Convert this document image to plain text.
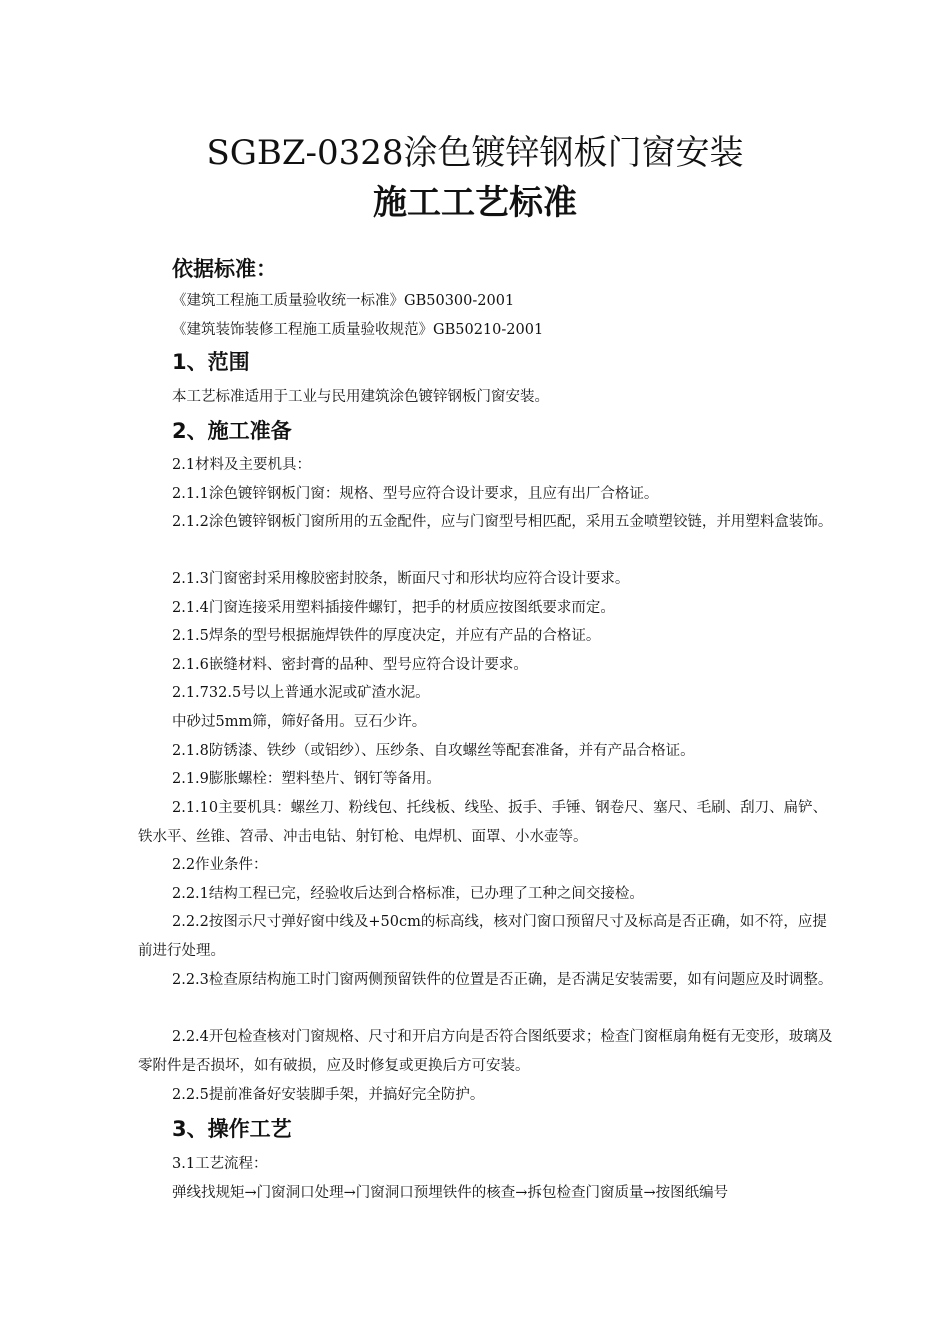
SGBZ-0328涂色镀锌钢板门窗安装
施工工艺标准
依据标准：
《建筑工程施工质量验收统一标准》GB50300-2001
《建筑装饰装修工程施工质量验收规范》GB50210-2001
1、范围
本工艺标准适用于工业与民用建筑涂色镀锌钢板门窗安装。
2、施工准备
2.1材料及主要机具：
2.1.1涂色镀锌钢板门窗：规格、型号应符合设计要求，且应有出厂合格证。
2.1.2涂色镀锌钢板门窗所用的五金配件，应与门窗型号相匹配，采用五金喷塑铰链，并用塑料盒装饰。
2.1.3门窗密封采用橡胶密封胶条，断面尺寸和形状均应符合设计要求。
2.1.4门窗连接采用塑料插接件螺钉，把手的材质应按图纸要求而定。
2.1.5焊条的型号根据施焊铁件的厚度决定，并应有产品的合格证。
2.1.6嵌缝材料、密封膏的品种、型号应符合设计要求。
2.1.732.5号以上普通水泥或矿渣水泥。
中砂过5mm筛，筛好备用。豆石少许。
2.1.8防锈漆、铁纱（或铝纱）、压纱条、自攻螺丝等配套准备，并有产品合格证。
2.1.9膨胀螺栓：塑料垫片、钢钉等备用。
2.1.10主要机具：螺丝刀、粉线包、托线板、线坠、扳手、手锤、钢卷尺、塞尺、毛刷、刮刀、扁铲、铁水平、丝锥、笤帚、冲击电钻、射钉枪、电焊机、面罩、小水壶等。
2.2作业条件：
2.2.1结构工程已完，经验收后达到合格标准，已办理了工种之间交接检。
2.2.2按图示尺寸弹好窗中线及+50cm的标高线，核对门窗口预留尺寸及标高是否正确，如不符，应提前进行处理。
2.2.3检查原结构施工时门窗两侧预留铁件的位置是否正确，是否满足安装需要，如有问题应及时调整。
2.2.4开包检查核对门窗规格、尺寸和开启方向是否符合图纸要求；检查门窗框扇角梃有无变形，玻璃及零附件是否损坏，如有破损，应及时修复或更换后方可安装。
2.2.5提前准备好安装脚手架，并搞好完全防护。
3、操作工艺
3.1工艺流程：
弹线找规矩→门窗洞口处理→门窗洞口预埋铁件的核查→拆包检查门窗质量→按图纸编号
